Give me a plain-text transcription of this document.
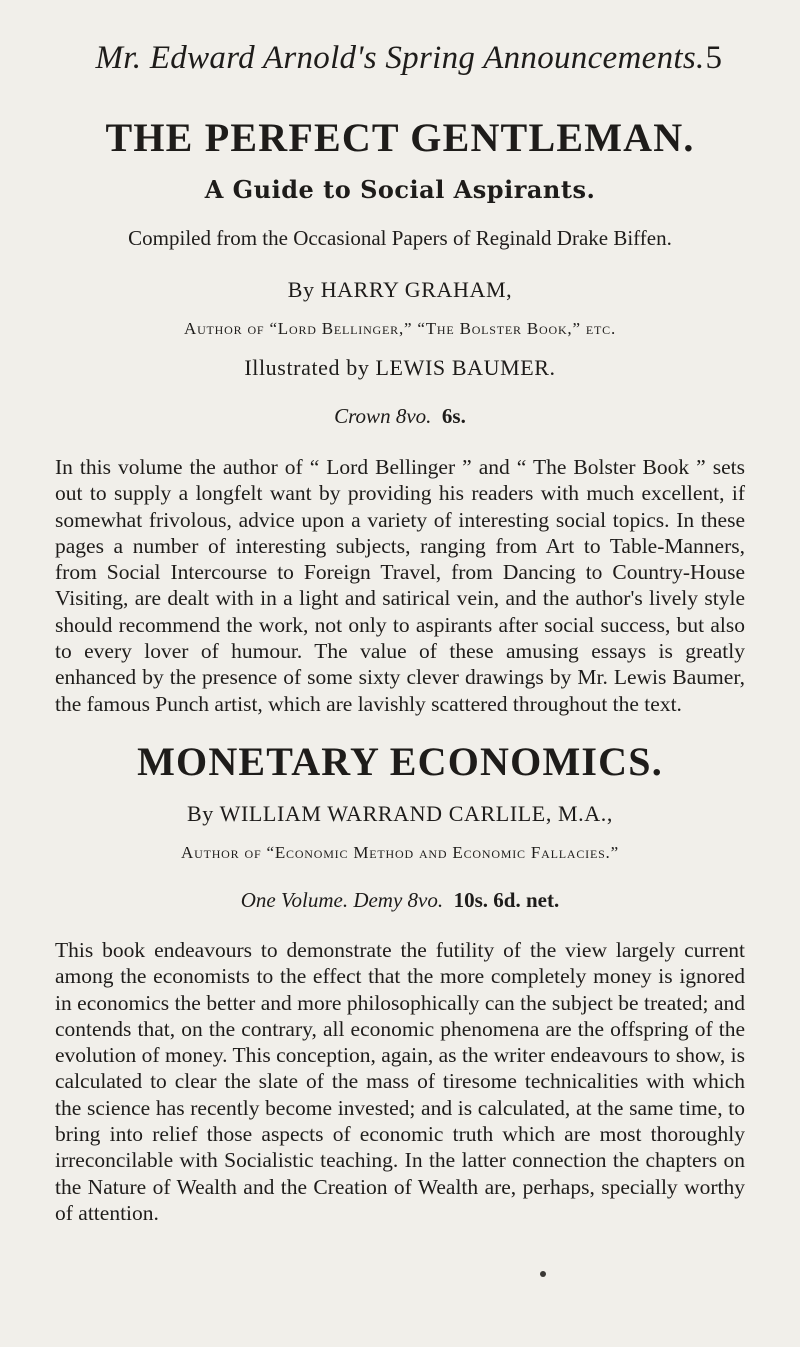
Mr. Edward Arnold's Spring Announcements. 5
THE PERFECT GENTLEMAN.

A Guide to Social Aspirants.

Compiled from the Occasional Papers of Reginald Drake Biffen.

By HARRY GRAHAM,

Author of “Lord Bellinger,” “The Bolster Book,” etc.

Illustrated by LEWIS BAUMER.

Crown 8vo. 6s.

In this volume the author of “ Lord Bellinger ” and “ The Bolster Book ” sets out to supply a longfelt want by providing his readers with much excellent, if somewhat frivolous, advice upon a variety of interesting social topics. In these pages a number of interesting subjects, ranging from Art to Table-Manners, from Social Intercourse to Foreign Travel, from Dancing to Country-House Visiting, are dealt with in a light and satirical vein, and the author's lively style should recommend the work, not only to aspirants after social success, but also to every lover of humour. The value of these amusing essays is greatly enhanced by the presence of some sixty clever drawings by Mr. Lewis Baumer, the famous Punch artist, which are lavishly scattered throughout the text.

MONETARY ECONOMICS.

By WILLIAM WARRAND CARLILE, M.A.,

Author of “Economic Method and Economic Fallacies.”

One Volume. Demy 8vo. 10s. 6d. net.

This book endeavours to demonstrate the futility of the view largely current among the economists to the effect that the more completely money is ignored in economics the better and more philosophically can the subject be treated; and contends that, on the contrary, all economic phenomena are the offspring of the evolution of money. This conception, again, as the writer endeavours to show, is calculated to clear the slate of the mass of tiresome technicalities with which the science has recently become invested; and is calculated, at the same time, to bring into relief those aspects of economic truth which are most thoroughly irreconcilable with Socialistic teaching. In the latter connection the chapters on the Nature of Wealth and the Creation of Wealth are, perhaps, specially worthy of attention.
